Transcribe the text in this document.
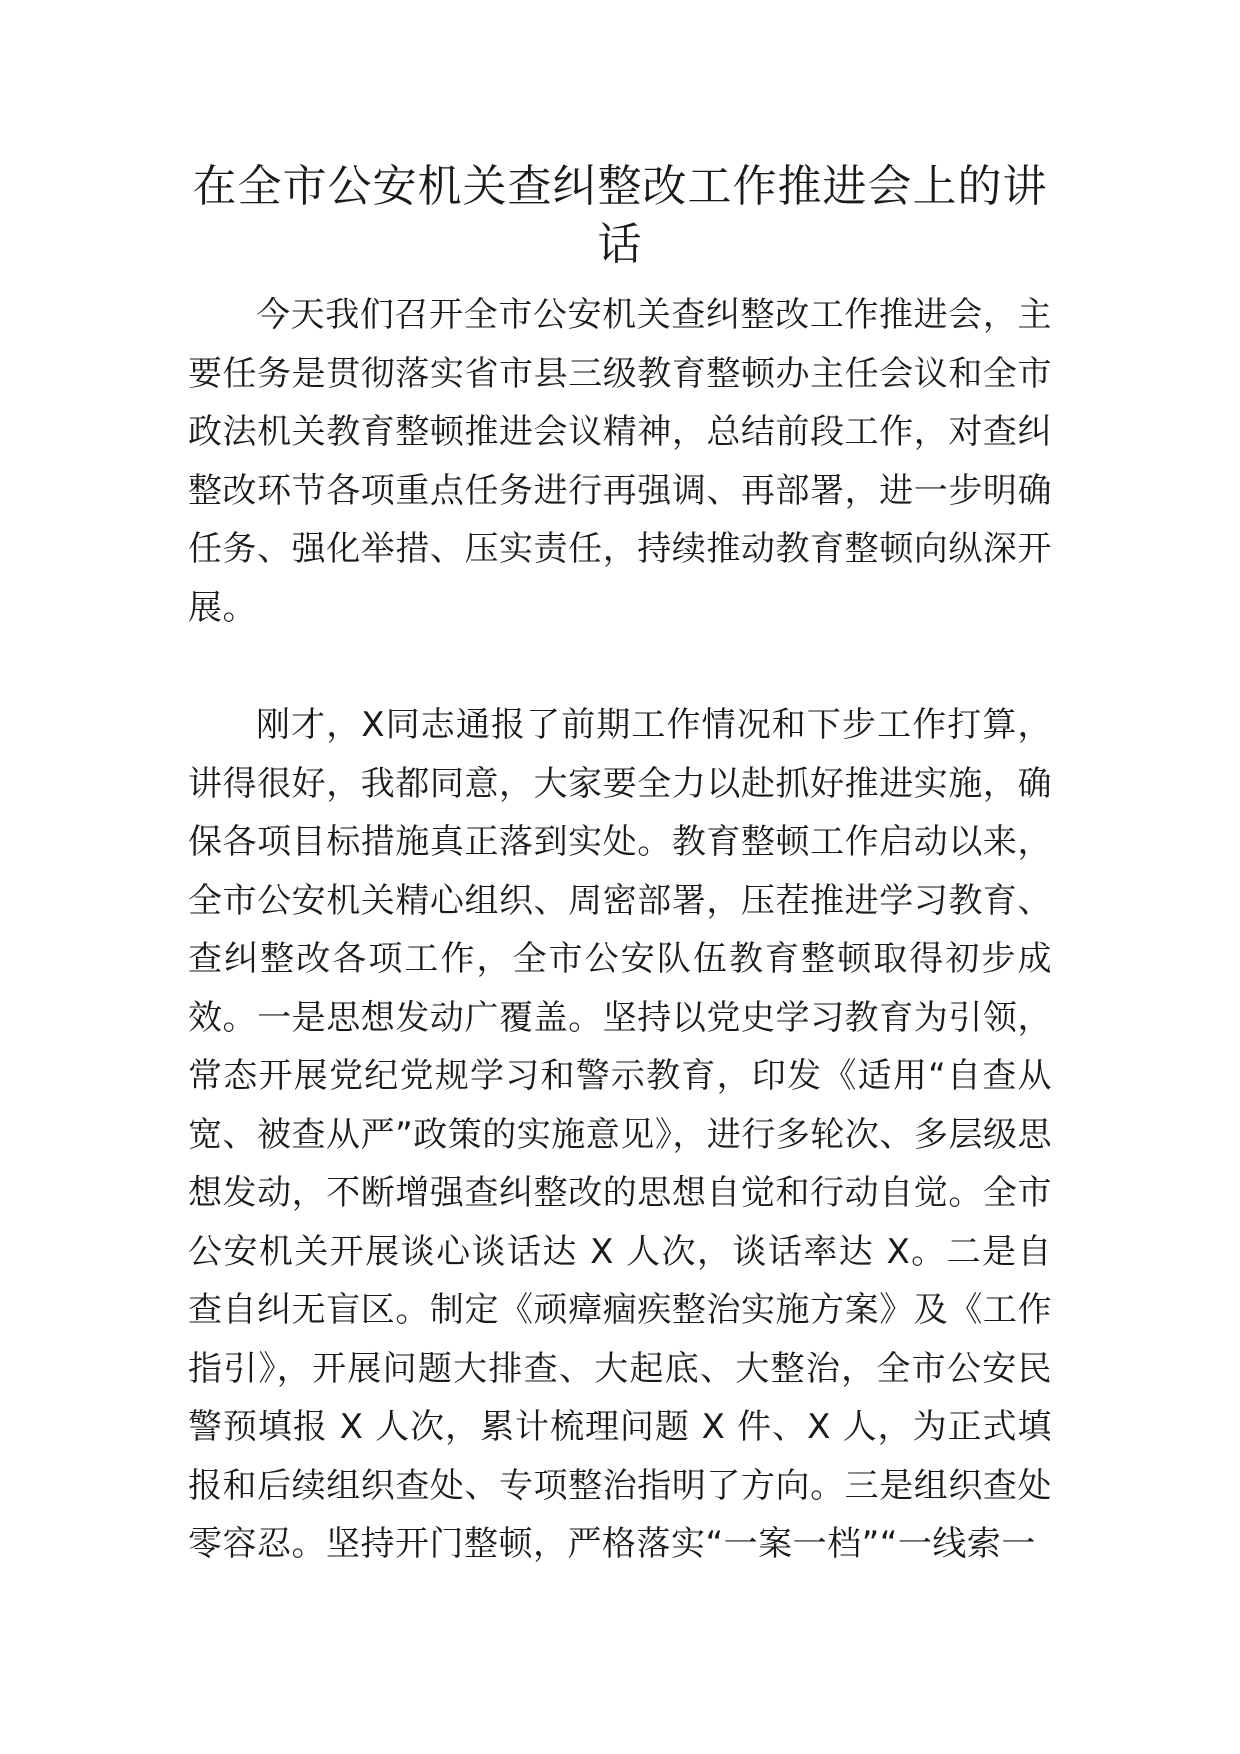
在全市公安机关查纠整改工作推进会上的讲话

今天我们召开全市公安机关查纠整改工作推进会，主要任务是贯彻落实省市县三级教育整顿办主任会议和全市政法机关教育整顿推进会议精神，总结前段工作，对查纠整改环节各项重点任务进行再强调、再部署，进一步明确任务、强化举措、压实责任，持续推动教育整顿向纵深开展。

刚才，X同志通报了前期工作情况和下步工作打算，讲得很好，我都同意，大家要全力以赴抓好推进实施，确保各项目标措施真正落到实处。教育整顿工作启动以来，全市公安机关精心组织、周密部署，压茬推进学习教育、查纠整改各项工作，全市公安队伍教育整顿取得初步成效。一是思想发动广覆盖。坚持以党史学习教育为引领，常态开展党纪党规学习和警示教育，印发《适用“自查从宽、被查从严”政策的实施意见》，进行多轮次、多层级思想发动，不断增强查纠整改的思想自觉和行动自觉。全市公安机关开展谈心谈话达 X 人次，谈话率达 X。二是自查自纠无盲区。制定《顽瘴痼疾整治实施方案》及《工作指引》，开展问题大排查、大起底、大整治，全市公安民警预填报 X 人次，累计梳理问题 X 件、X 人，为正式填报和后续组织查处、专项整治指明了方向。三是组织查处零容忍。坚持开门整顿，严格落实“一案一档”“一线索一
